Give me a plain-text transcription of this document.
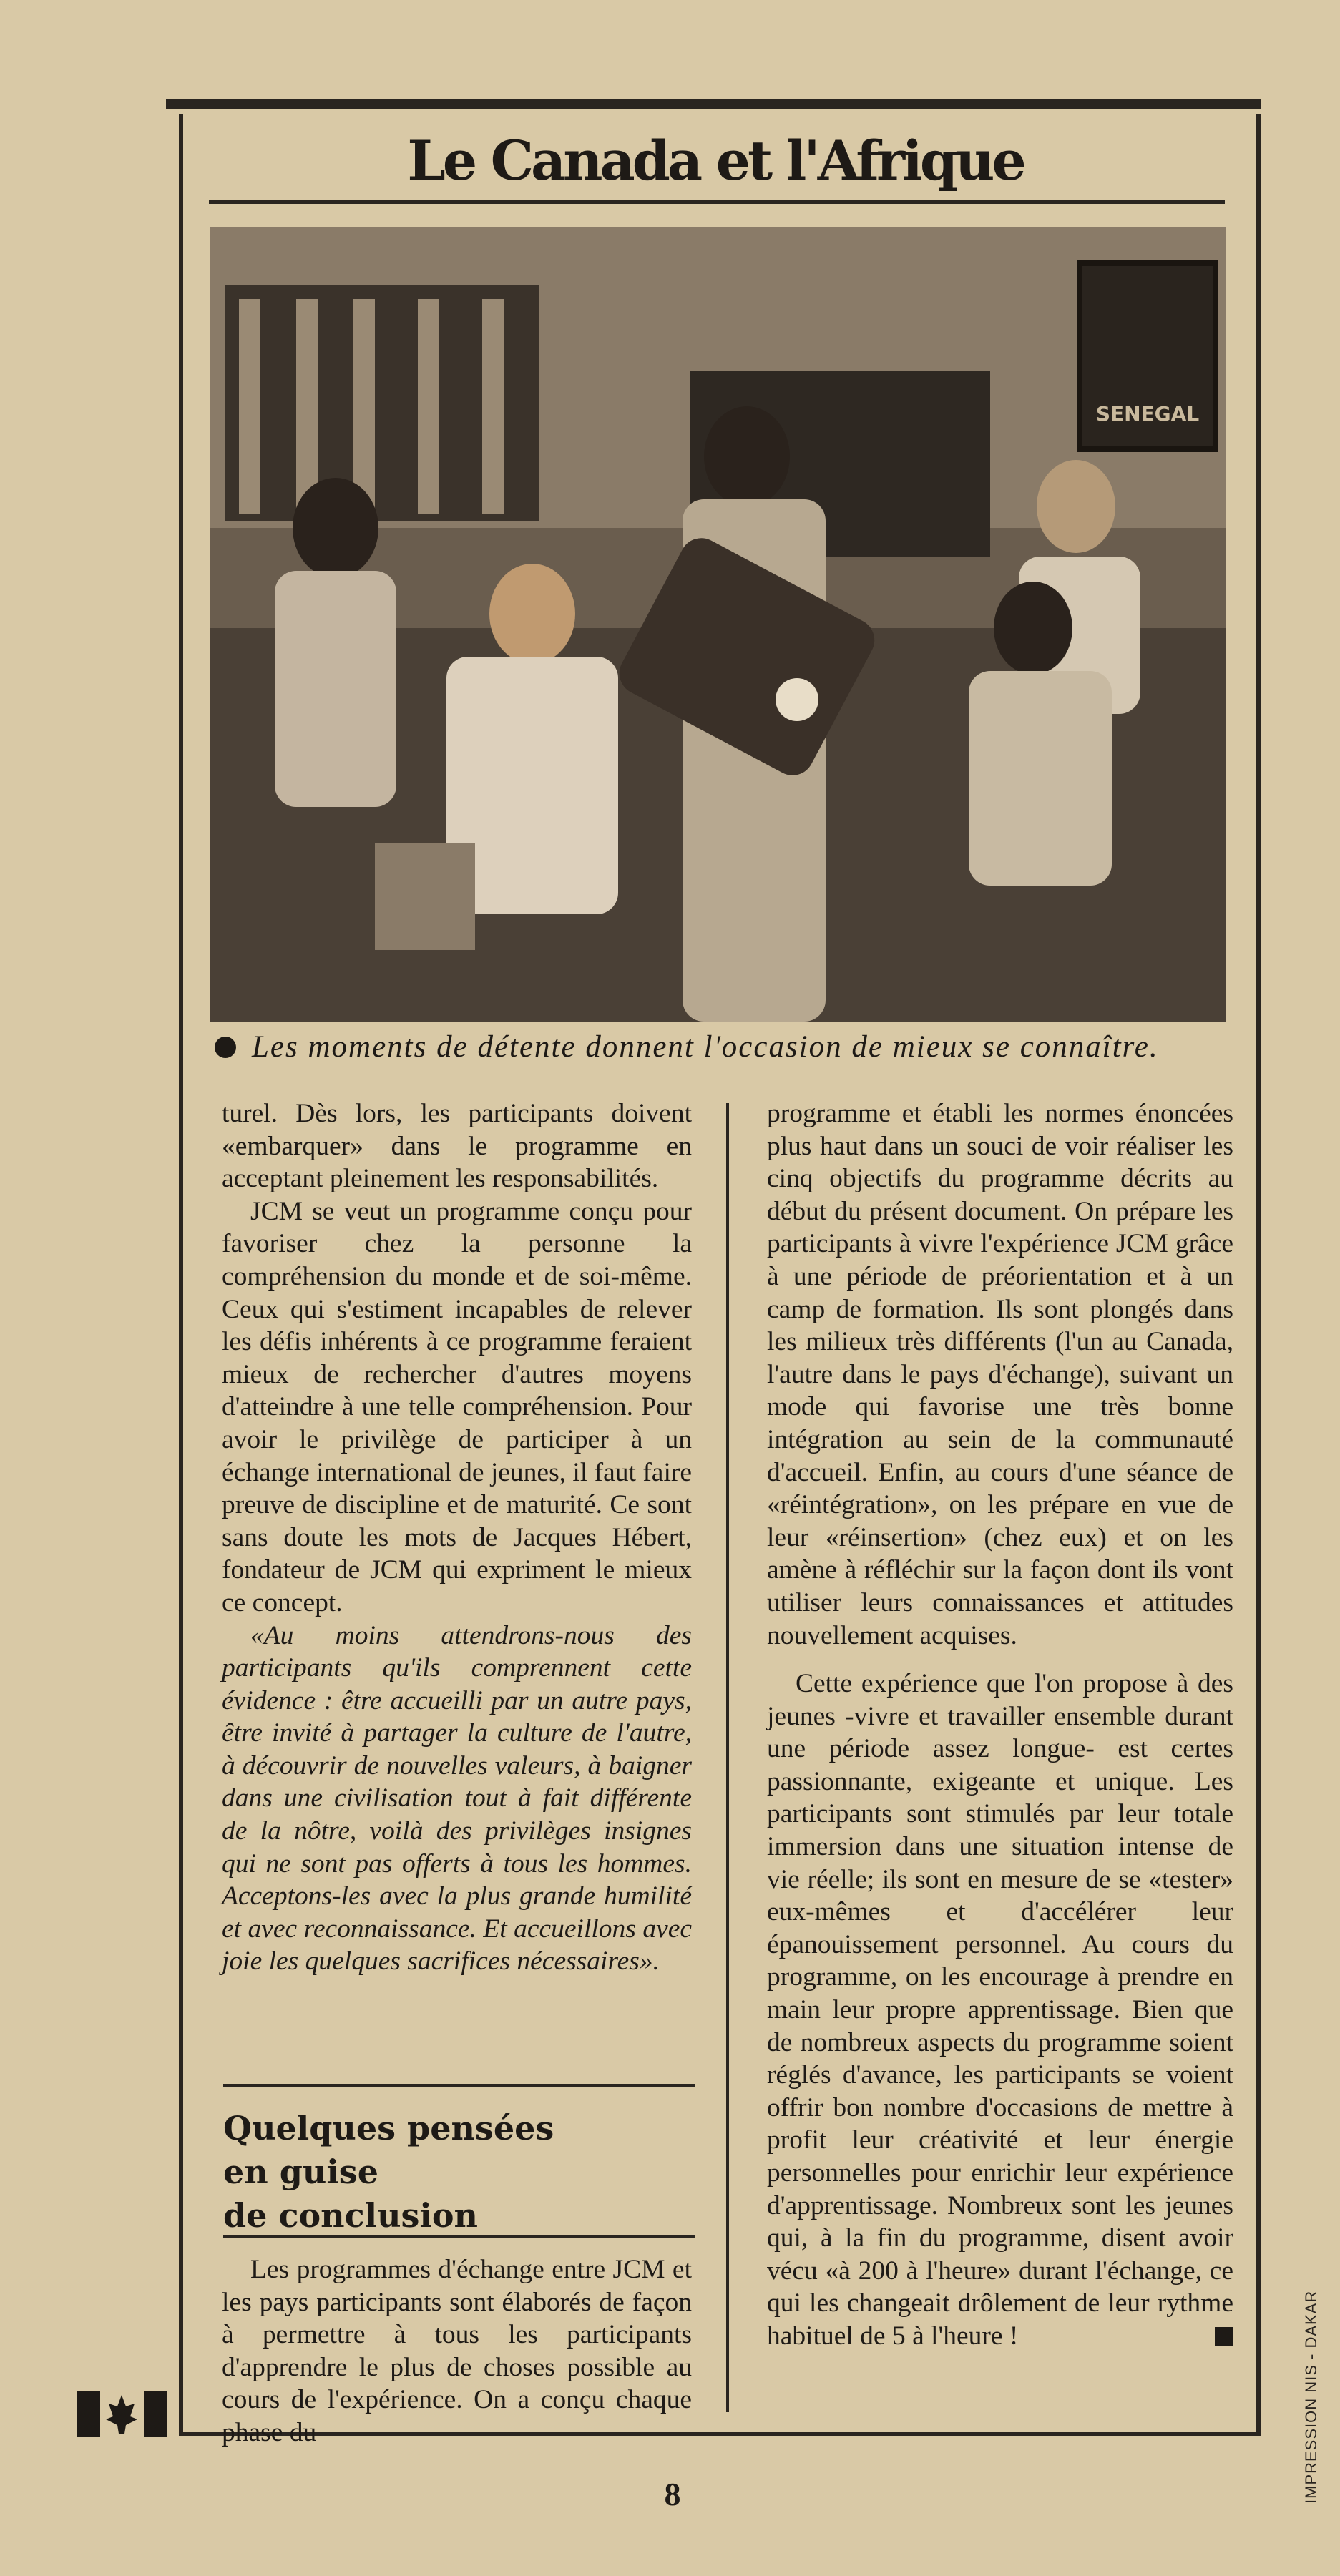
Le Canada et l'Afrique
SENEGAL
Les moments de détente donnent l'occasion de mieux se connaître.

turel. Dès lors, les participants doivent «embarquer» dans le programme en acceptant pleinement les responsabilités.

JCM se veut un programme conçu pour favoriser chez la personne la compréhension du monde et de soi-même. Ceux qui s'estiment incapables de relever les défis inhérents à ce programme feraient mieux de rechercher d'autres moyens d'atteindre à une telle compréhension. Pour avoir le privilège de participer à un échange international de jeunes, il faut faire preuve de discipline et de maturité. Ce sont sans doute les mots de Jacques Hébert, fondateur de JCM qui expriment le mieux ce concept.

«Au moins attendrons-nous des participants qu'ils comprennent cette évidence : être accueilli par un autre pays, être invité à partager la culture de l'autre, à découvrir de nouvelles valeurs, à baigner dans une civilisation tout à fait différente de la nôtre, voilà des privilèges insignes qui ne sont pas offerts à tous les hommes. Acceptons-les avec la plus grande humilité et avec reconnaissance. Et accueillons avec joie les quelques sacrifices nécessaires».

Quelques pensées
en guise
de conclusion

Les programmes d'échange entre JCM et les pays participants sont élaborés de façon à permettre à tous les participants d'apprendre le plus de choses possible au cours de l'expérience. On a conçu chaque phase du

programme et établi les normes énoncées plus haut dans un souci de voir réaliser les cinq objectifs du programme décrits au début du présent document. On prépare les participants à vivre l'expérience JCM grâce à une période de préorientation et à un camp de formation. Ils sont plongés dans les milieux très différents (l'un au Canada, l'autre dans le pays d'échange), suivant un mode qui favorise une très bonne intégration au sein de la communauté d'accueil. Enfin, au cours d'une séance de «réintégration», on les prépare en vue de leur «réinsertion» (chez eux) et on les amène à réfléchir sur la façon dont ils vont utiliser leurs connaissances et attitudes nouvellement acquises.

Cette expérience que l'on propose à des jeunes -vivre et travailler ensemble durant une période assez longue- est certes passionnante, exigeante et unique. Les participants sont stimulés par leur totale immersion dans une situation intense de vie réelle; ils sont en mesure de se «tester» eux-mêmes et d'accélérer leur épanouissement personnel. Au cours du programme, on les encourage à prendre en main leur propre apprentissage. Bien que de nombreux aspects du programme soient réglés d'avance, les participants se voient offrir bon nombre d'occasions de mettre à profit leur créativité et leur énergie personnelles pour enrichir leur expérience d'apprentissage. Nombreux sont les jeunes qui, à la fin du programme, disent avoir vécu «à 200 à l'heure» durant l'échange, ce qui les changeait drôlement de leur rythme habituel de 5 à l'heure !

8	IMPRESSION NIS - DAKAR
